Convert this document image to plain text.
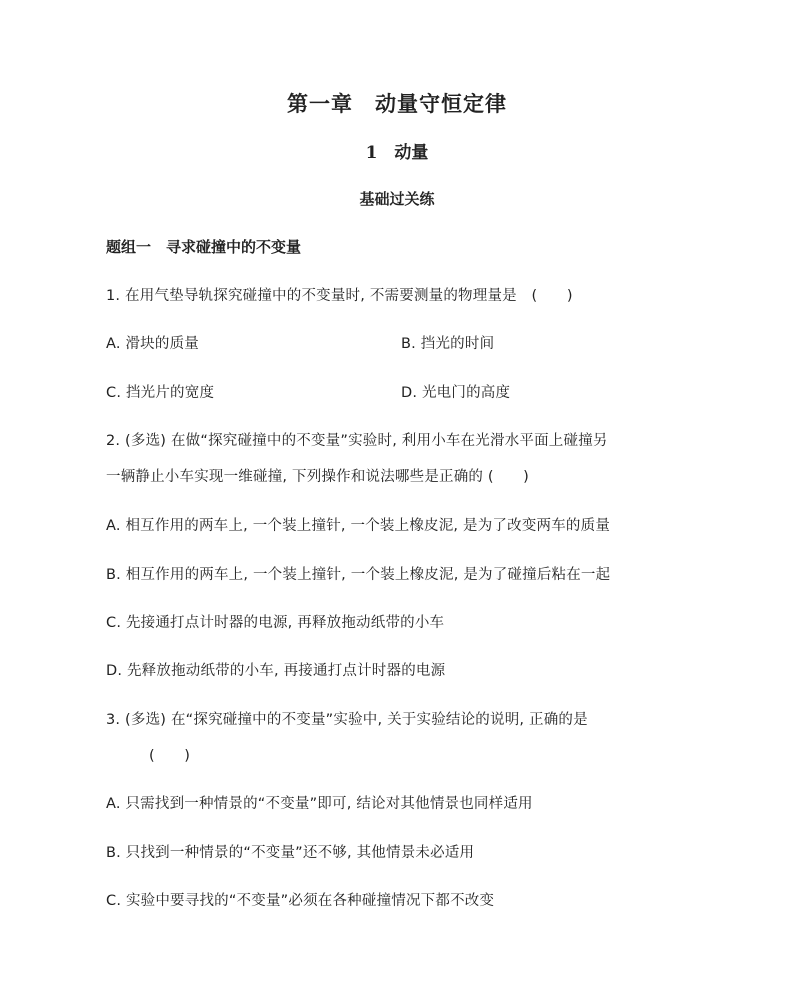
第一章　动量守恒定律
1　动量
基础过关练
题组一　寻求碰撞中的不变量
1. 在用气垫导轨探究碰撞中的不变量时, 不需要测量的物理量是　(　　)
A. 滑块的质量	B. 挡光的时间
C. 挡光片的宽度	D. 光电门的高度
2. (多选) 在做“探究碰撞中的不变量”实验时, 利用小车在光滑水平面上碰撞另
一辆静止小车实现一维碰撞, 下列操作和说法哪些是正确的 (　　)
A. 相互作用的两车上, 一个装上撞针, 一个装上橡皮泥, 是为了改变两车的质量
B. 相互作用的两车上, 一个装上撞针, 一个装上橡皮泥, 是为了碰撞后粘在一起
C. 先接通打点计时器的电源, 再释放拖动纸带的小车
D. 先释放拖动纸带的小车, 再接通打点计时器的电源
3. (多选) 在“探究碰撞中的不变量”实验中, 关于实验结论的说明, 正确的是
(　　)
A. 只需找到一种情景的“不变量”即可, 结论对其他情景也同样适用
B. 只找到一种情景的“不变量”还不够, 其他情景未必适用
C. 实验中要寻找的“不变量”必须在各种碰撞情况下都不改变
